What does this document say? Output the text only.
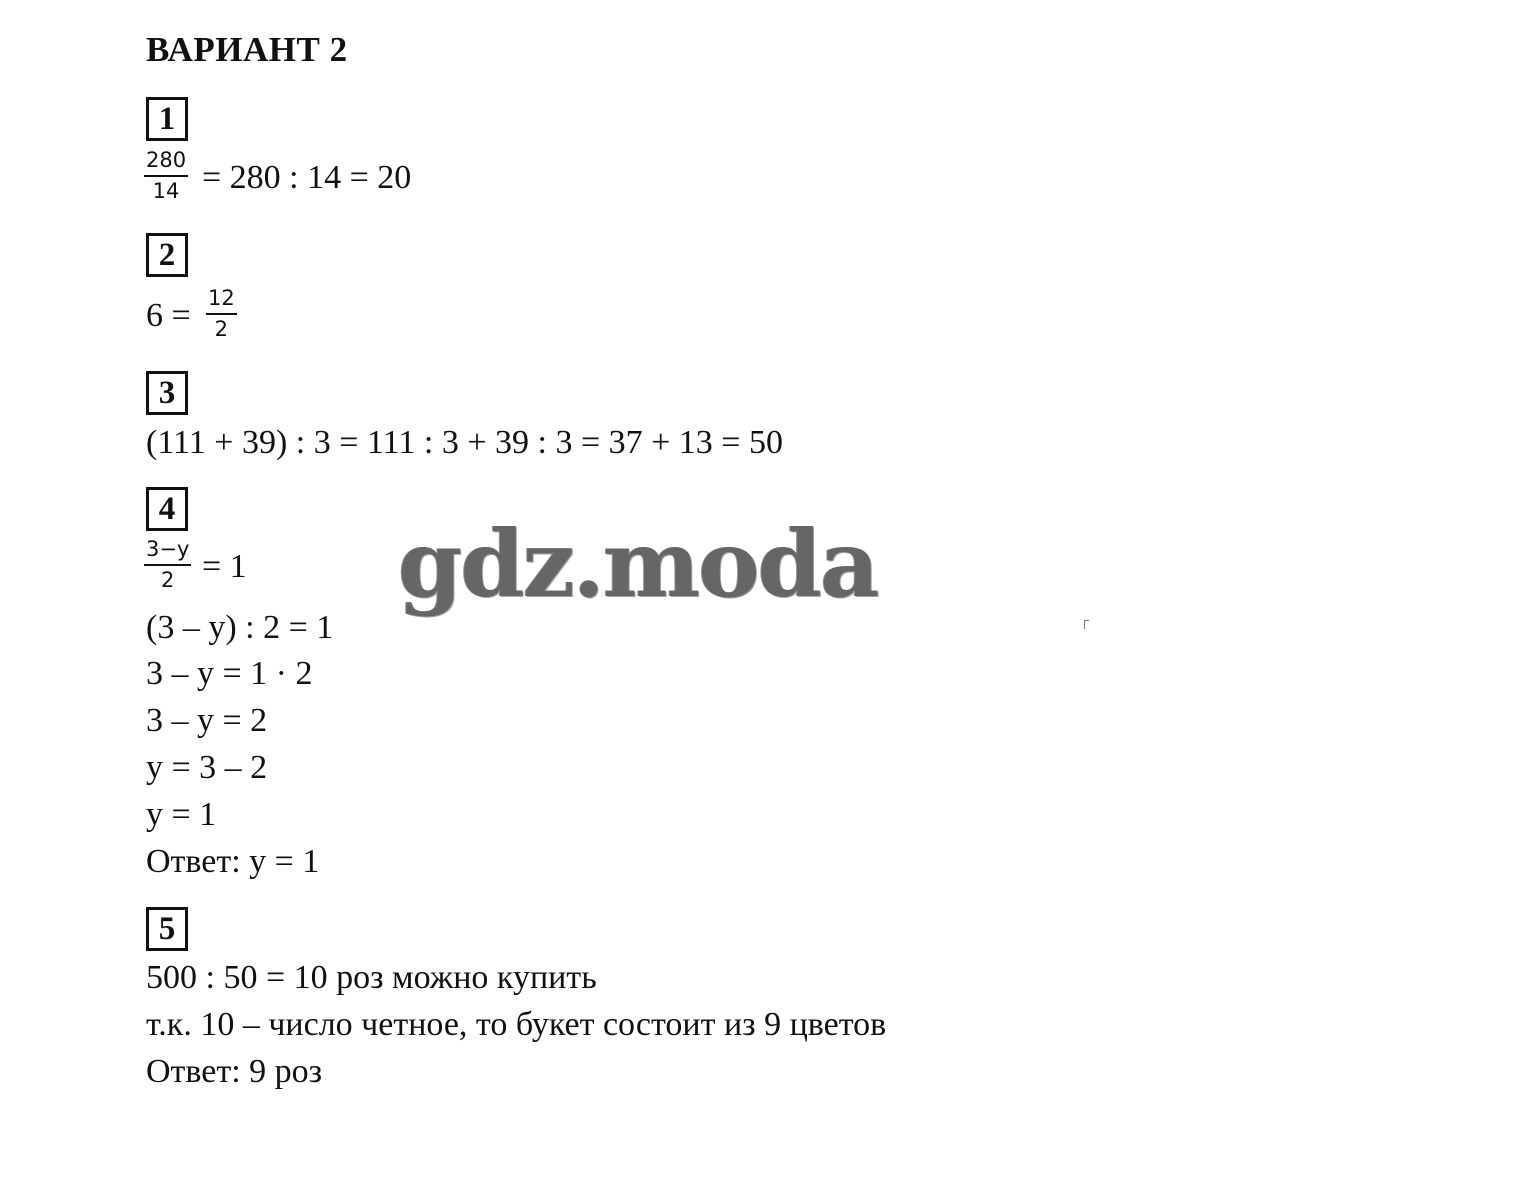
ВАРИАНТ 2
1
$\frac{280}{14} = 280$ : 14 = 20
2
$6 = \frac{12}{2}$
3
(111 + 39) : 3 = 111 : 3 + 39 : 3 = 37 + 13 = 50
4
$\frac{3-y}{2} = 1$
(3 – y) : 2 = 1
3 – y = 1 · 2
3 – y = 2
y = 3 – 2
y = 1
Ответ: y = 1
5
500 : 50 = 10 роз можно купить
т.к. 10 – число четное, то букет состоит из 9 цветов
Ответ: 9 роз
gdz.moda
